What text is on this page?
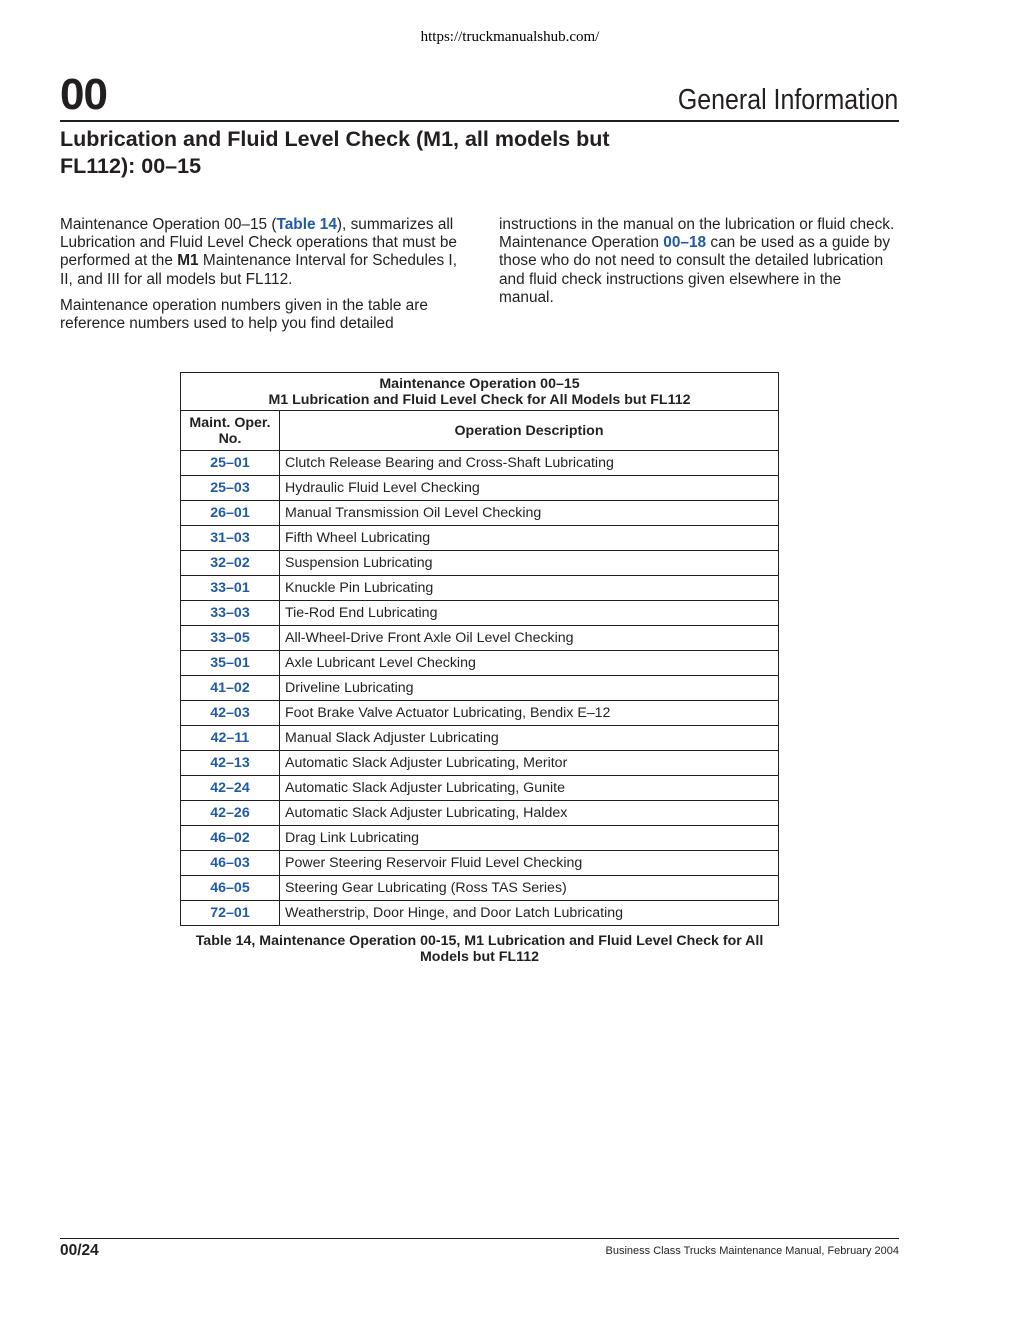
https://truckmanualshub.com/
00	General Information
Lubrication and Fluid Level Check (M1, all models but FL112): 00–15

Maintenance Operation 00–15 (Table 14), summarizes all Lubrication and Fluid Level Check operations that must be performed at the M1 Maintenance Interval for Schedules I, II, and III for all models but FL112.

Maintenance operation numbers given in the table are reference numbers used to help you find detailed

instructions in the manual on the lubrication or fluid check. Maintenance Operation 00–18 can be used as a guide by those who do not need to consult the detailed lubrication and fluid check instructions given elsewhere in the manual.

Maintenance Operation 00–15
M1 Lubrication and Fluid Level Check for All Models but FL112	

Maint. Oper. No.	Operation Description
25–01	Clutch Release Bearing and Cross-Shaft Lubricating
25–03	Hydraulic Fluid Level Checking
26–01	Manual Transmission Oil Level Checking
31–03	Fifth Wheel Lubricating
32–02	Suspension Lubricating
33–01	Knuckle Pin Lubricating
33–03	Tie-Rod End Lubricating
33–05	All-Wheel-Drive Front Axle Oil Level Checking
35–01	Axle Lubricant Level Checking
41–02	Driveline Lubricating
42–03	Foot Brake Valve Actuator Lubricating, Bendix E–12
42–11	Manual Slack Adjuster Lubricating
42–13	Automatic Slack Adjuster Lubricating, Meritor
42–24	Automatic Slack Adjuster Lubricating, Gunite
42–26	Automatic Slack Adjuster Lubricating, Haldex
46–02	Drag Link Lubricating
46–03	Power Steering Reservoir Fluid Level Checking
46–05	Steering Gear Lubricating (Ross TAS Series)
72–01	Weatherstrip, Door Hinge, and Door Latch Lubricating
Table 14, Maintenance Operation 00-15, M1 Lubrication and Fluid Level Check for All Models but FL112
00/24	Business Class Trucks Maintenance Manual, February 2004
